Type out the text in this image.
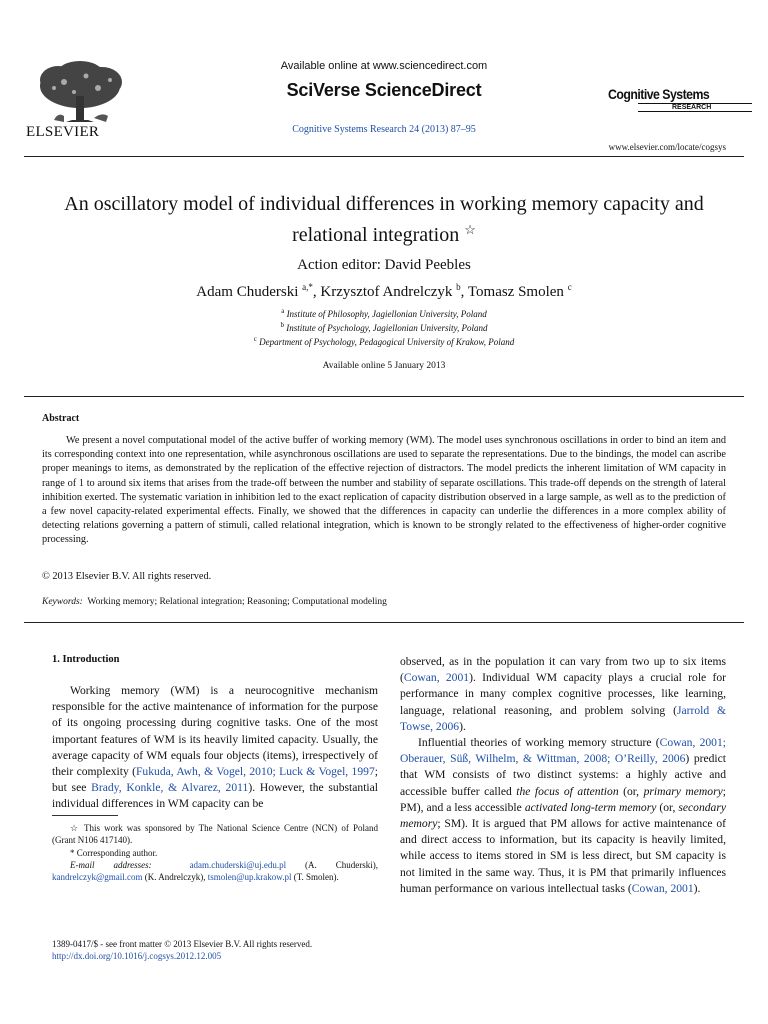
ELSEVIER
Available online at www.sciencedirect.com
SciVerse ScienceDirect
Cognitive Systems Research 24 (2013) 87–95
Cognitive Systems
RESEARCH
www.elsevier.com/locate/cogsys
An oscillatory model of individual differences in working memory capacity and relational integration ☆
Action editor: David Peebles
Adam Chuderski $^{a,*}$, Krzysztof Andrelczyk $^b$, Tomasz Smolen $^c$
$^a$ Institute of Philosophy, Jagiellonian University, Poland
$^b$ Institute of Psychology, Jagiellonian University, Poland
$^c$ Department of Psychology, Pedagogical University of Krakow, Poland
Available online 5 January 2013
Abstract
We present a novel computational model of the active buffer of working memory (WM). The model uses synchronous oscillations in order to bind an item and its corresponding context into one representation, while asynchronous oscillations are used to separate the representations. Due to the bindings, the model can ascribe proper meanings to items, as demonstrated by the replication of the effective rejection of distractors. The model predicts the inherent limitation of WM capacity in range of 1 to around six items that arises from the trade-off between the number and stability of separate oscillations. This trade-off depends on the strength of lateral inhibition exerted. The systematic variation in inhibition led to the exact replication of capacity distribution observed in a large sample, as well as to the prediction of a few novel capacity-related experimental effects. Finally, we showed that the differences in capacity can underlie the differences in a more complex ability of detecting relations governing a pattern of stimuli, called relational integration, which is known to be strongly related to the effectiveness of higher-order cognitive processing.
© 2013 Elsevier B.V. All rights reserved.
Keywords: Working memory; Relational integration; Reasoning; Computational modeling
1. Introduction
Working memory (WM) is a neurocognitive mechanism responsible for the active maintenance of information for the purpose of its ongoing processing during cognitive tasks. One of the most important features of WM is its heavily limited capacity. Usually, the average capacity of WM equals four objects (items), irrespectively of their complexity (Fukuda, Awh, & Vogel, 2010; Luck & Vogel, 1997; but see Brady, Konkle, & Alvarez, 2011). However, the substantial individual differences in WM capacity can be
observed, as in the population it can vary from two up to six items (Cowan, 2001). Individual WM capacity plays a crucial role for performance in many complex cognitive processes, like learning, language, relational reasoning, and problem solving (Jarrold & Towse, 2006).
Influential theories of working memory structure (Cowan, 2001; Oberauer, Süß, Wilhelm, & Wittman, 2008; O’Reilly, 2006) predict that WM consists of two distinct systems: a highly active and accessible buffer called the focus of attention (or, primary memory; PM), and a less accessible activated long-term memory (or, secondary memory; SM). It is argued that PM allows for active maintenance of and direct access to information, but its capacity is heavily limited, while access to items stored in SM is less direct, but SM capacity is not limited in the same way. Thus, it is PM that primarily influences human performance on various intellectual tasks (Cowan, 2001).
☆ This work was sponsored by The National Science Centre (NCN) of Poland (Grant N106 417140).
* Corresponding author.
E-mail addresses:	adam.chuderski@uj.edu.pl (A. Chuderski), kandrelczyk@gmail.com (K. Andrelczyk), tsmolen@up.krakow.pl (T. Smolen).
1389-0417/$ - see front matter © 2013 Elsevier B.V. All rights reserved.
http://dx.doi.org/10.1016/j.cogsys.2012.12.005
